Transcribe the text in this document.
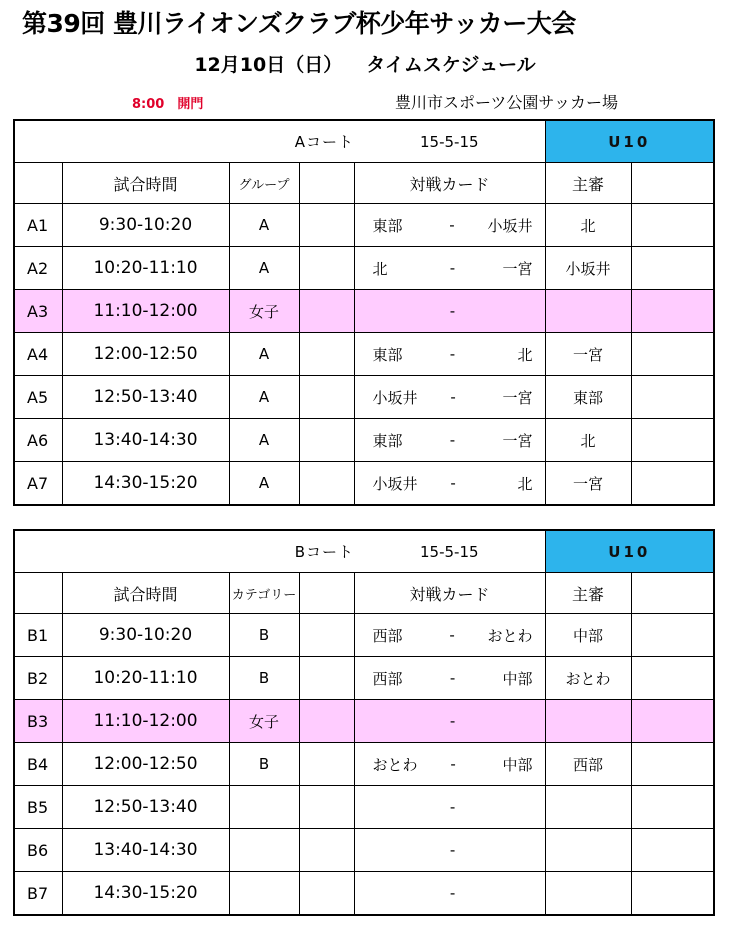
第39回 豊川ライオンズクラブ杯少年サッカー大会
12月10日（日） タイムスケジュール
8:00　開門	豊川市スポーツ公園サッカー場
Aコート				15-5-15	U10	
	試合時間	グループ		対戦カード	主審	
A1	9:30-10:20	A		東部 - 小坂井	北	
A2	10:20-11:10	A		北 - 一宮	小坂井	
A3	11:10-12:00	女子		-		

A4	12:00-12:50	A		東部 - 北	一宮	
A5	12:50-13:40	A		小坂井 - 一宮	東部	
A6	13:40-14:30	A		東部 - 一宮	北	
A7	14:30-15:20	A		小坂井 - 北	一宮	
Bコート				15-5-15	U10	
	試合時間	カテゴリー		対戦カード	主審	
B1	9:30-10:20	B		西部 - おとわ	中部	
B2	10:20-11:10	B		西部 - 中部	おとわ	
B3	11:10-12:00	女子		-		

B4	12:00-12:50	B		おとわ - 中部	西部	
B5	12:50-13:40			-		

B6	13:40-14:30			-		

B7	14:30-15:20			-		
